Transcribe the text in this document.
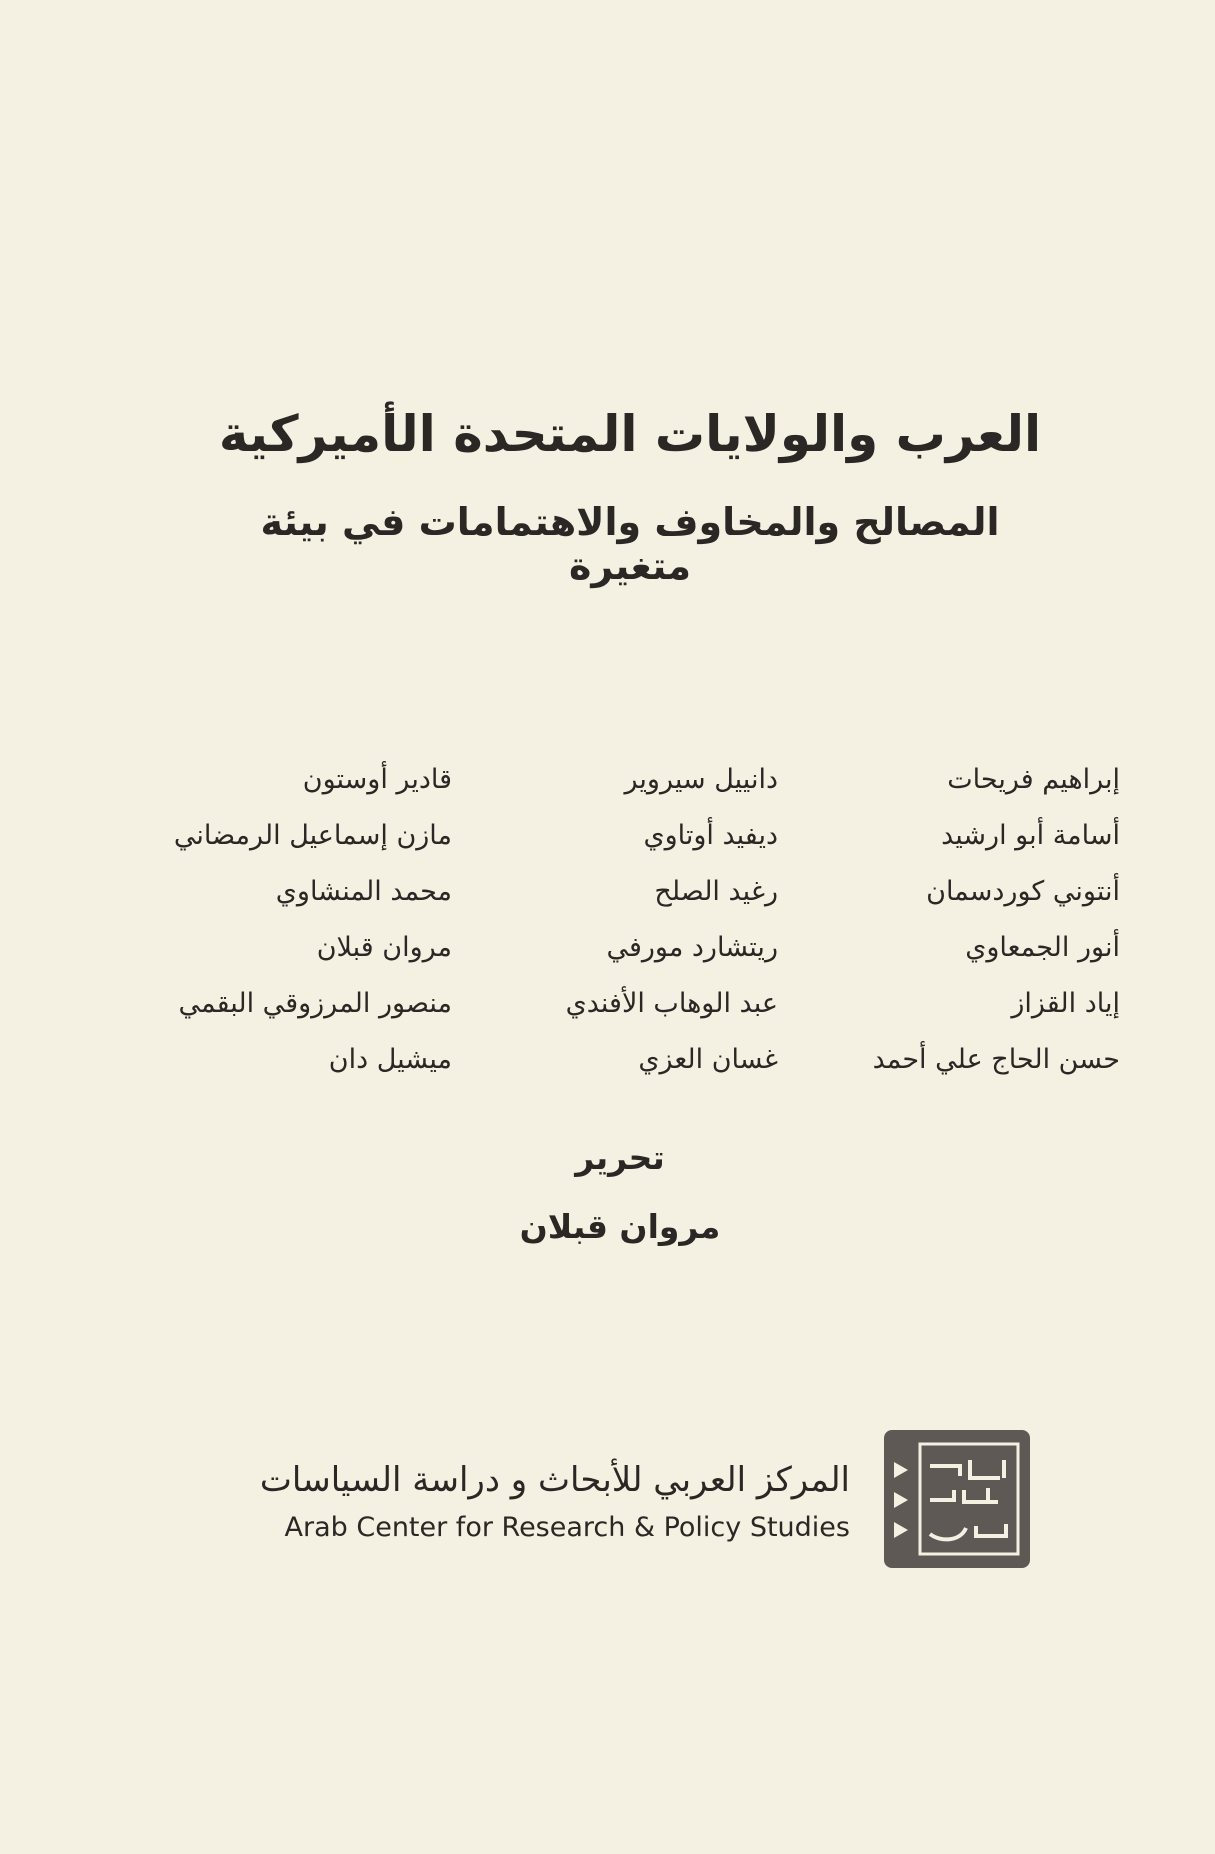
العرب والولايات المتحدة الأميركية
المصالح والمخاوف والاهتمامات في بيئة متغيرة
إبراهيم فريحات
أسامة أبو ارشيد
أنتوني كوردسمان
أنور الجمعاوي
إياد القزاز
حسن الحاج علي أحمد
دانييل سيروير
ديفيد أوتاوي
رغيد الصلح
ريتشارد مورفي
عبد الوهاب الأفندي
غسان العزي
قادير أوستون
مازن إسماعيل الرمضاني
محمد المنشاوي
مروان قبلان
منصور المرزوقي البقمي
ميشيل دان
تحرير
مروان قبلان
المركز العربي للأبحاث و دراسة السياسات
Arab Center for Research & Policy Studies
